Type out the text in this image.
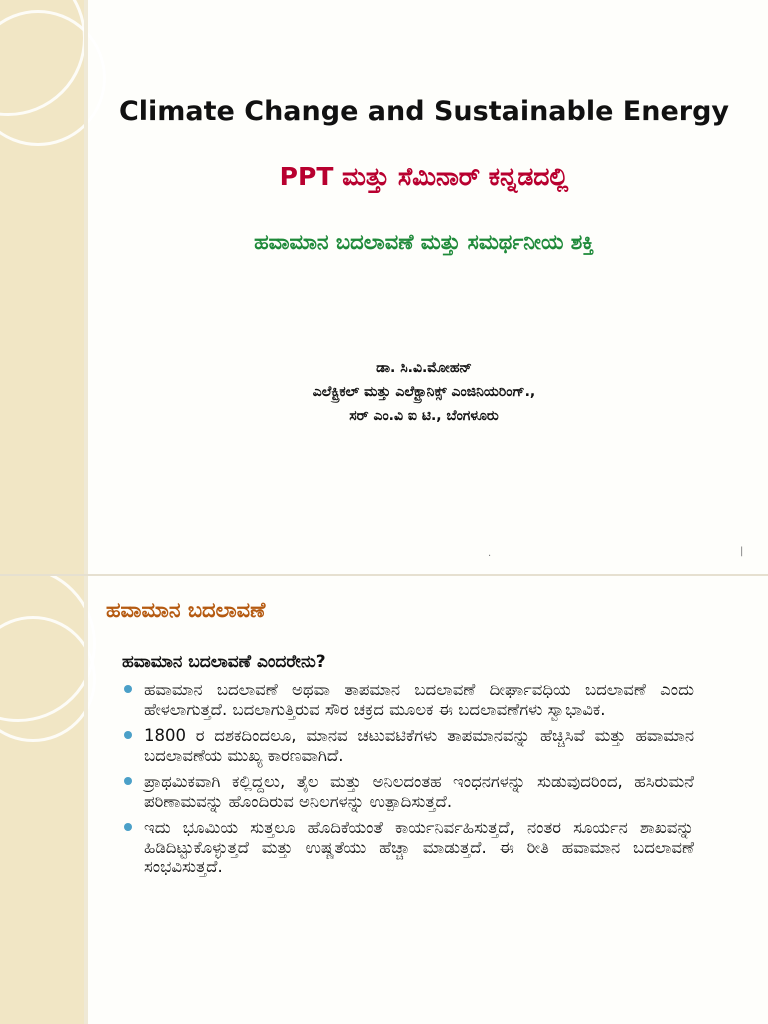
Climate Change and Sustainable Energy
PPT ಮತ್ತು ಸೆಮಿನಾರ್ ಕನ್ನಡದಲ್ಲಿ
ಹವಾಮಾನ ಬದಲಾವಣೆ ಮತ್ತು ಸಮರ್ಥನೀಯ ಶಕ್ತಿ
ಡಾ. ಸಿ.ವಿ.ಮೋಹನ್
ಎಲೆಕ್ಟ್ರಿಕಲ್ ಮತ್ತು ಎಲೆಕ್ಟ್ರಾನಿಕ್ಸ್ ಎಂಜಿನಿಯರಿಂಗ್.,
ಸರ್ ಎಂ.ವಿ ಐ ಟಿ., ಬೆಂಗಳೂರು
.	|
ಹವಾಮಾನ ಬದಲಾವಣೆ
ಹವಾಮಾನ ಬದಲಾವಣೆ ಎಂದರೇನು?
ಹವಾಮಾನ ಬದಲಾವಣೆ ಅಥವಾ ತಾಪಮಾನ ಬದಲಾವಣೆ ದೀರ್ಘಾವಧಿಯ ಬದಲಾವಣೆ ಎಂದು ಹೇಳಲಾಗುತ್ತದೆ. ಬದಲಾಗುತ್ತಿರುವ ಸೌರ ಚಕ್ರದ ಮೂಲಕ ಈ ಬದಲಾವಣೆಗಳು ಸ್ವಾಭಾವಿಕ.
1800 ರ ದಶಕದಿಂದಲೂ, ಮಾನವ ಚಟುವಟಿಕೆಗಳು ತಾಪಮಾನವನ್ನು ಹೆಚ್ಚಿಸಿವೆ ಮತ್ತು ಹವಾಮಾನ ಬದಲಾವಣೆಯ ಮುಖ್ಯ ಕಾರಣವಾಗಿದೆ.
ಪ್ರಾಥಮಿಕವಾಗಿ ಕಲ್ಲಿದ್ದಲು, ತೈಲ ಮತ್ತು ಅನಿಲದಂತಹ ಇಂಧನಗಳನ್ನು ಸುಡುವುದರಿಂದ, ಹಸಿರುಮನೆ ಪರಿಣಾಮವನ್ನು ಹೊಂದಿರುವ ಅನಿಲಗಳನ್ನು ಉತ್ಪಾದಿಸುತ್ತದೆ.
ಇದು ಭೂಮಿಯ ಸುತ್ತಲೂ ಹೊದಿಕೆಯಂತೆ ಕಾರ್ಯನಿರ್ವಹಿಸುತ್ತದೆ, ನಂತರ ಸೂರ್ಯನ ಶಾಖವನ್ನು ಹಿಡಿದಿಟ್ಟುಕೊಳ್ಳುತ್ತದೆ ಮತ್ತು ಉಷ್ಣತೆಯು ಹೆಚ್ಚಾ ಮಾಡುತ್ತದೆ. ಈ ರೀತಿ ಹವಾಮಾನ ಬದಲಾವಣೆ ಸಂಭವಿಸುತ್ತದೆ.
